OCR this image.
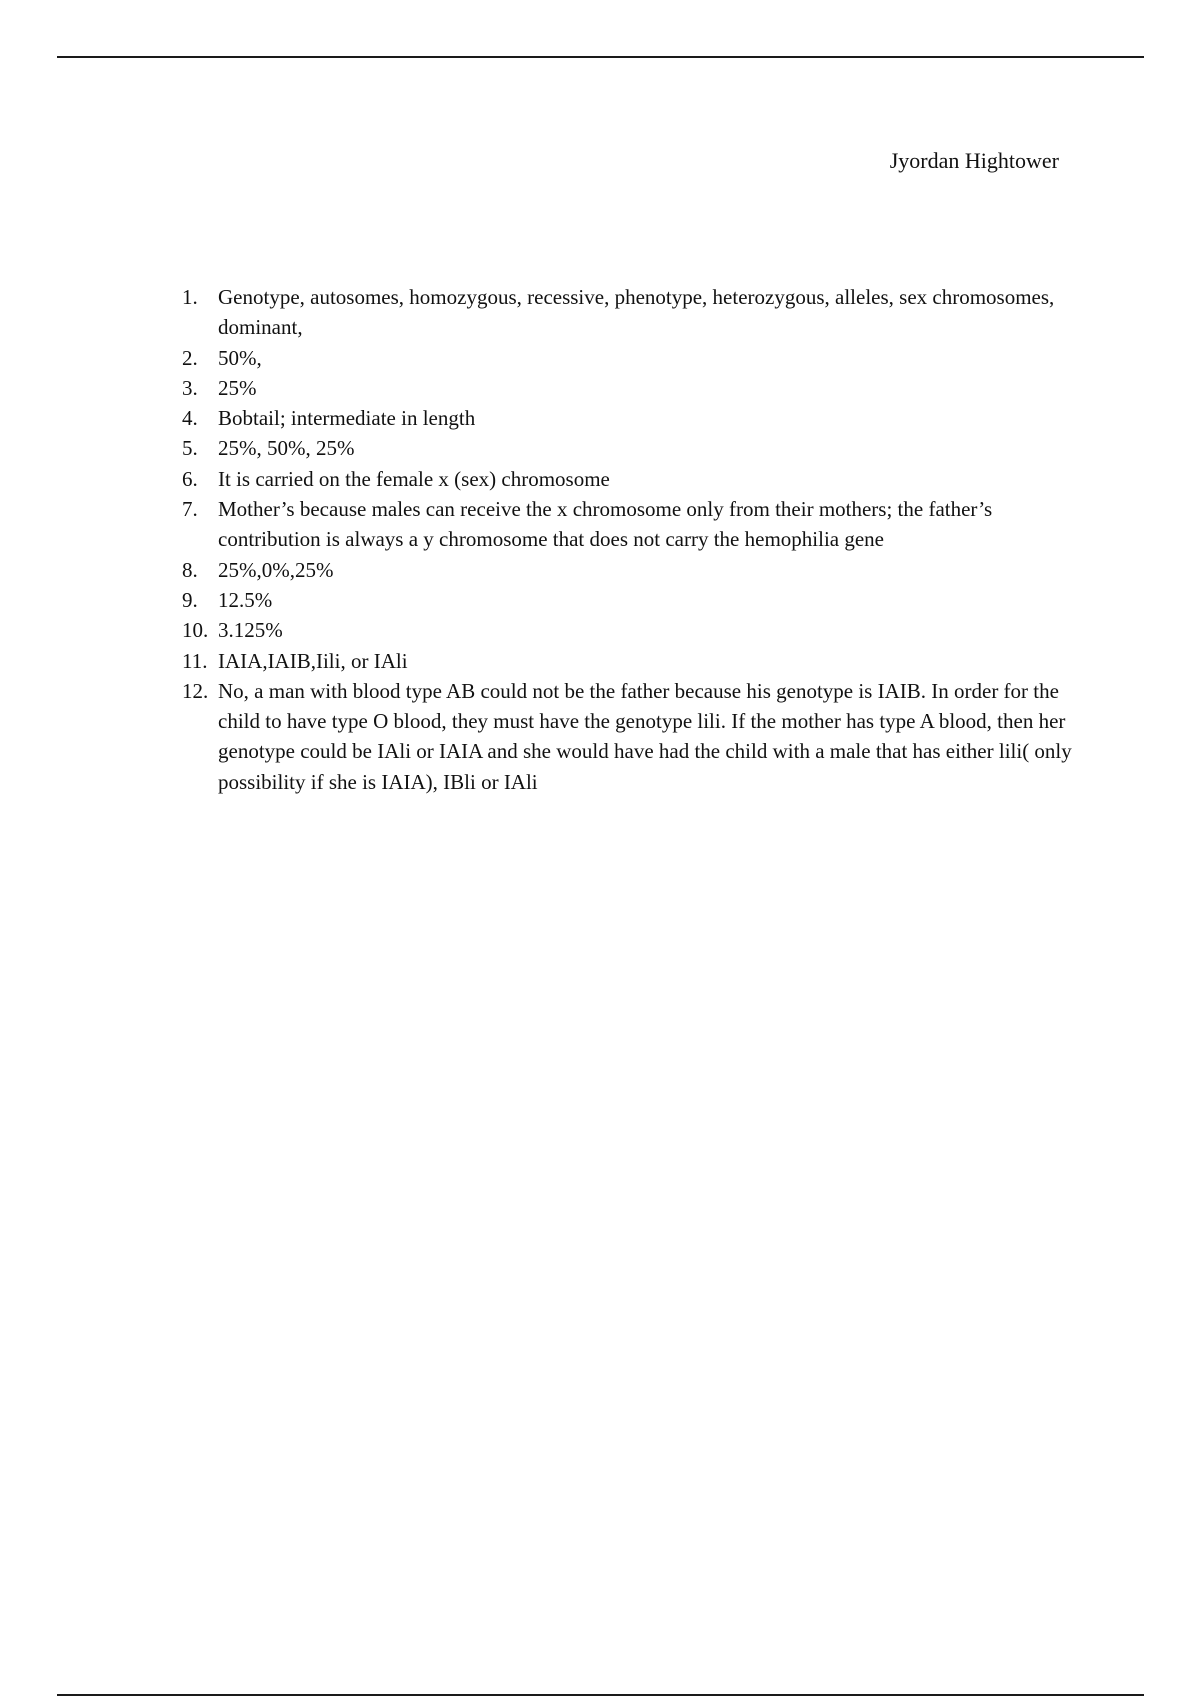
Jyordan Hightower
1. Genotype, autosomes, homozygous, recessive, phenotype, heterozygous, alleles, sex chromosomes, dominant,
2. 50%,
3. 25%
4. Bobtail; intermediate in length
5. 25%, 50%, 25%
6. It is carried on the female x (sex) chromosome
7. Mother’s because males can receive the x chromosome only from their mothers; the father’s contribution is always a y chromosome that does not carry the hemophilia gene
8. 25%,0%,25%
9. 12.5%
10. 3.125%
11. IAIA,IAIB,Iili, or IAli
12. No, a man with blood type AB could not be the father because his genotype is IAIB. In order for the child to have type O blood, they must have the genotype lili. If the mother has type A blood, then her genotype could be IAli or IAIA and she would have had the child with a male that has either lili( only possibility if she is IAIA), IBli or IAli
